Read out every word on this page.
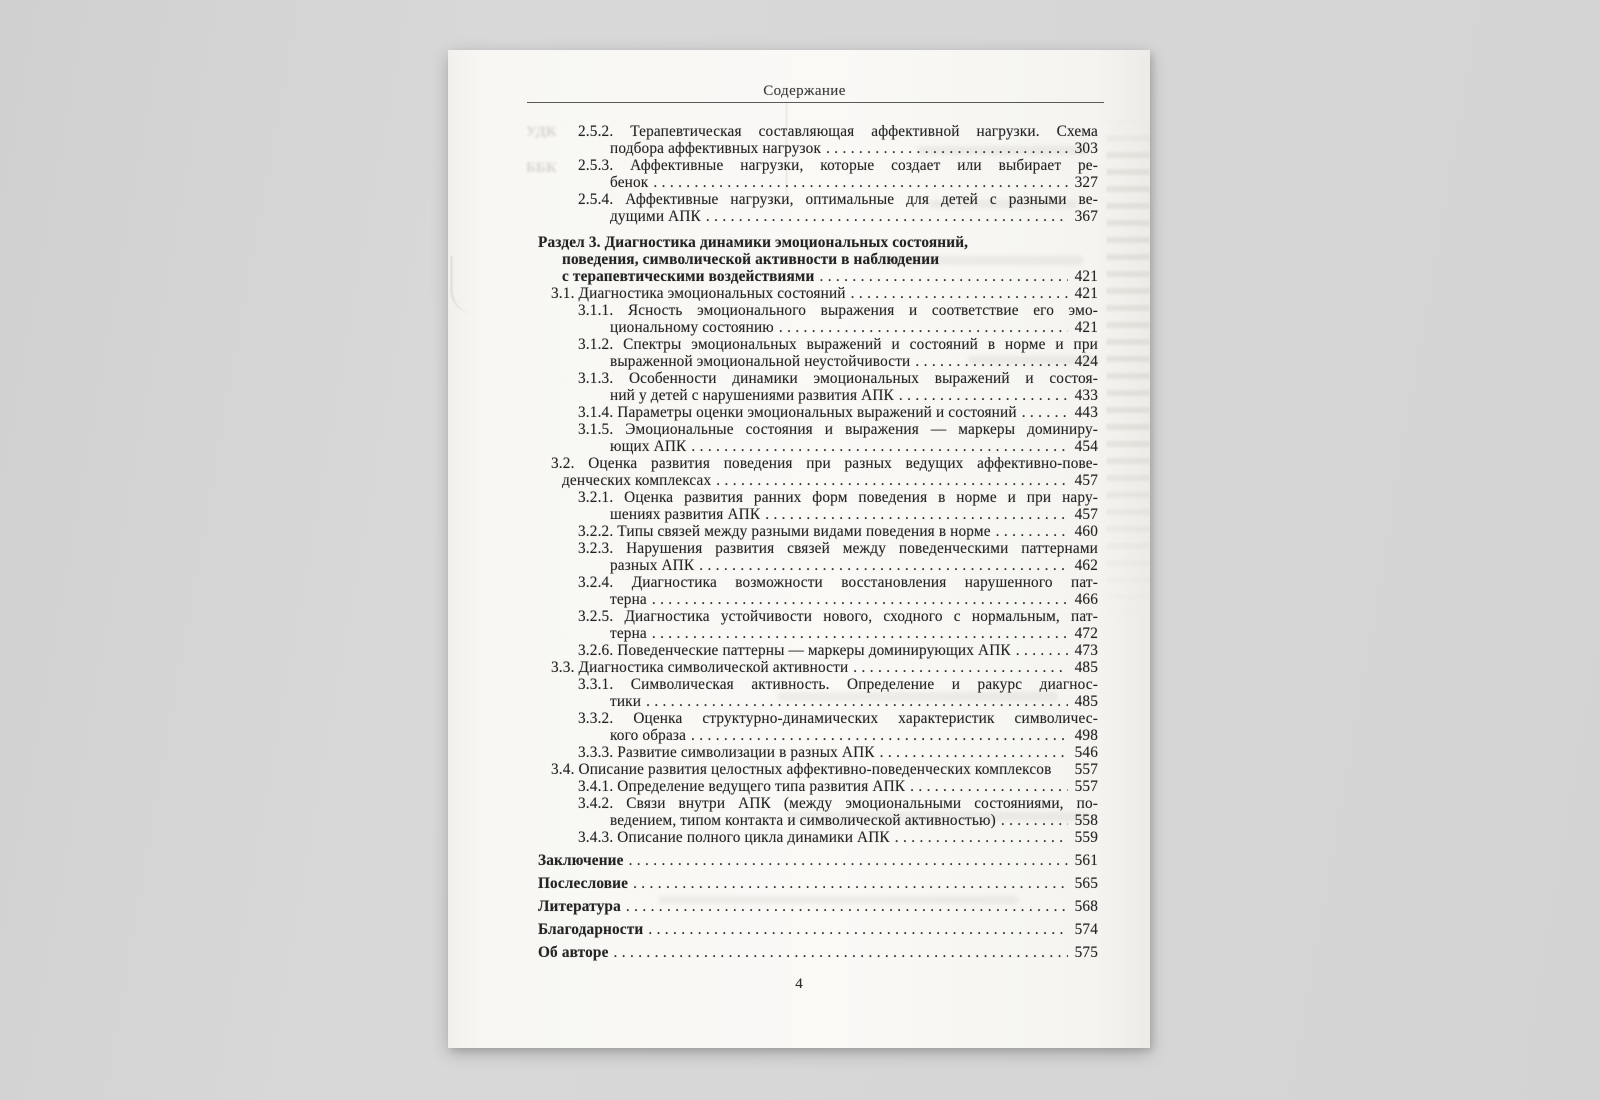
УДК
ББК
Содержание
2.5.2. Терапевтическая составляющая аффективной нагрузки. Схема
подбора аффективных нагрузок .....	303
2.5.3. Аффективные нагрузки, которые создает или выбирает ре-
бенок .....	327
2.5.4. Аффективные нагрузки, оптимальные для детей с разными ве-
дущими АПК .....	367
Раздел 3. Диагностика динамики эмоциональных состояний,
поведения, символической активности в наблюдении
с терапевтическими воздействиями .....	421
3.1. Диагностика эмоциональных состояний .....	421
3.1.1. Ясность эмоционального выражения и соответствие его эмо-
циональному состоянию .....	421
3.1.2. Спектры эмоциональных выражений и состояний в норме и при
выраженной эмоциональной неустойчивости .....	424
3.1.3. Особенности динамики эмоциональных выражений и состоя-
ний у детей с нарушениями развития АПК .....	433
3.1.4. Параметры оценки эмоциональных выражений и состояний .....	443
3.1.5. Эмоциональные состояния и выражения — маркеры доминиру-
ющих АПК .....	454
3.2. Оценка развития поведения при разных ведущих аффективно-пове-
денческих комплексах .....	457
3.2.1. Оценка развития ранних форм поведения в норме и при нару-
шениях развития АПК .....	457
3.2.2. Типы связей между разными видами поведения в норме .....	460
3.2.3. Нарушения развития связей между поведенческими паттернами
разных АПК .....	462
3.2.4. Диагностика возможности восстановления нарушенного пат-
терна .....	466
3.2.5. Диагностика устойчивости нового, сходного с нормальным, пат-
терна .....	472
3.2.6. Поведенческие паттерны — маркеры доминирующих АПК .....	473
3.3. Диагностика символической активности .....	485
3.3.1. Символическая активность. Определение и ракурс диагнос-
тики .....	485
3.3.2. Оценка структурно-динамических характеристик символичес-
кого образа .....	498
3.3.3. Развитие символизации в разных АПК .....	546
3.4. Описание развития целостных аффективно-поведенческих комплексов	557
3.4.1. Определение ведущего типа развития АПК .....	557
3.4.2. Связи внутри АПК (между эмоциональными состояниями, по-
ведением, типом контакта и символической активностью) .....	558
3.4.3. Описание полного цикла динамики АПК .....	559
Заключение .....	561
Послесловие .....	565
Литература .....	568
Благодарности .....	574
Об авторе .....	575
4
